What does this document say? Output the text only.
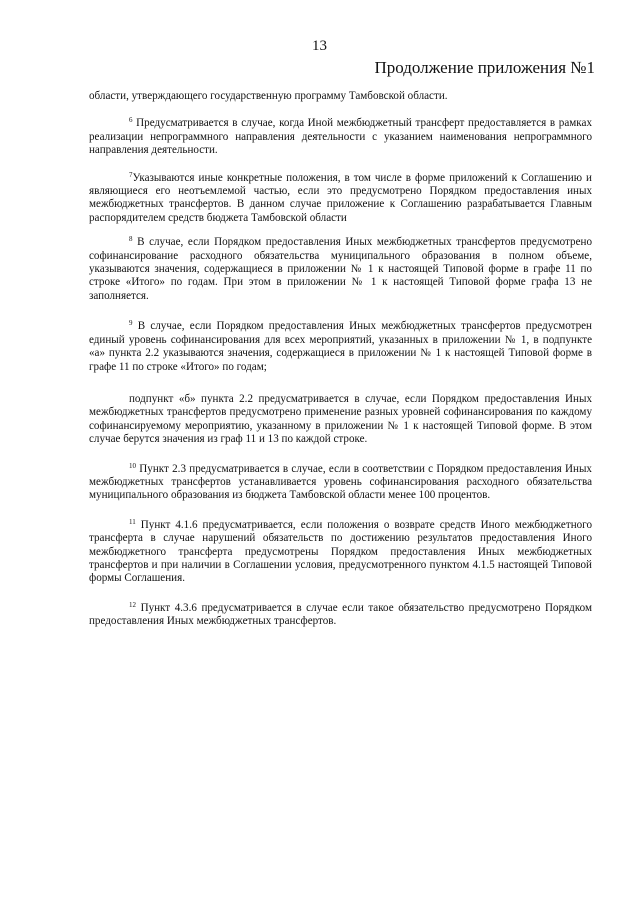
13
Продолжение приложения №1

области, утверждающего государственную программу Тамбовской области.

$^6$ Предусматривается в случае, когда Иной межбюджетный трансферт предоставляется в рамках реализации непрограммного направления деятельности с указанием наименования непрограммного направления деятельности.

$^7$Указываются иные конкретные положения, в том числе в форме приложений к Соглашению и являющиеся его неотъемлемой частью, если это предусмотрено Порядком предоставления иных межбюджетных трансфертов. В данном случае приложение к Соглашению разрабатывается Главным распорядителем средств бюджета Тамбовской области

$^8$ В случае, если Порядком предоставления Иных межбюджетных трансфертов предусмотрено софинансирование расходного обязательства муниципального образования в полном объеме, указываются значения, содержащиеся в приложении № 1 к настоящей Типовой форме в графе 11 по строке «Итого» по годам. При этом в приложении № 1 к настоящей Типовой форме графа 13 не заполняется.

$^9$ В случае, если Порядком предоставления Иных межбюджетных трансфертов предусмотрен единый уровень софинансирования для всех мероприятий, указанных в приложении № 1, в подпункте «а» пункта 2.2 указываются значения, содержащиеся в приложении № 1 к настоящей Типовой форме в графе 11 по строке «Итого» по годам;

подпункт «б» пункта 2.2 предусматривается в случае, если Порядком предоставления Иных межбюджетных трансфертов предусмотрено применение разных уровней софинансирования по каждому софинансируемому мероприятию, указанному в приложении № 1 к настоящей Типовой форме. В этом случае берутся значения из граф 11 и 13 по каждой строке.

$^{10}$ Пункт 2.3 предусматривается в случае, если в соответствии с Порядком предоставления Иных межбюджетных трансфертов устанавливается уровень софинансирования расходного обязательства муниципального образования из бюджета Тамбовской области менее 100 процентов.

$^{11}$ Пункт 4.1.6 предусматривается, если положения о возврате средств Иного межбюджетного трансферта в случае нарушений обязательств по достижению результатов предоставления Иного межбюджетного трансферта предусмотрены Порядком предоставления Иных межбюджетных трансфертов и при наличии в Соглашении условия, предусмотренного пунктом 4.1.5 настоящей Типовой формы Соглашения.

$^{12}$ Пункт 4.3.6 предусматривается в случае если такое обязательство предусмотрено Порядком предоставления Иных межбюджетных трансфертов.
